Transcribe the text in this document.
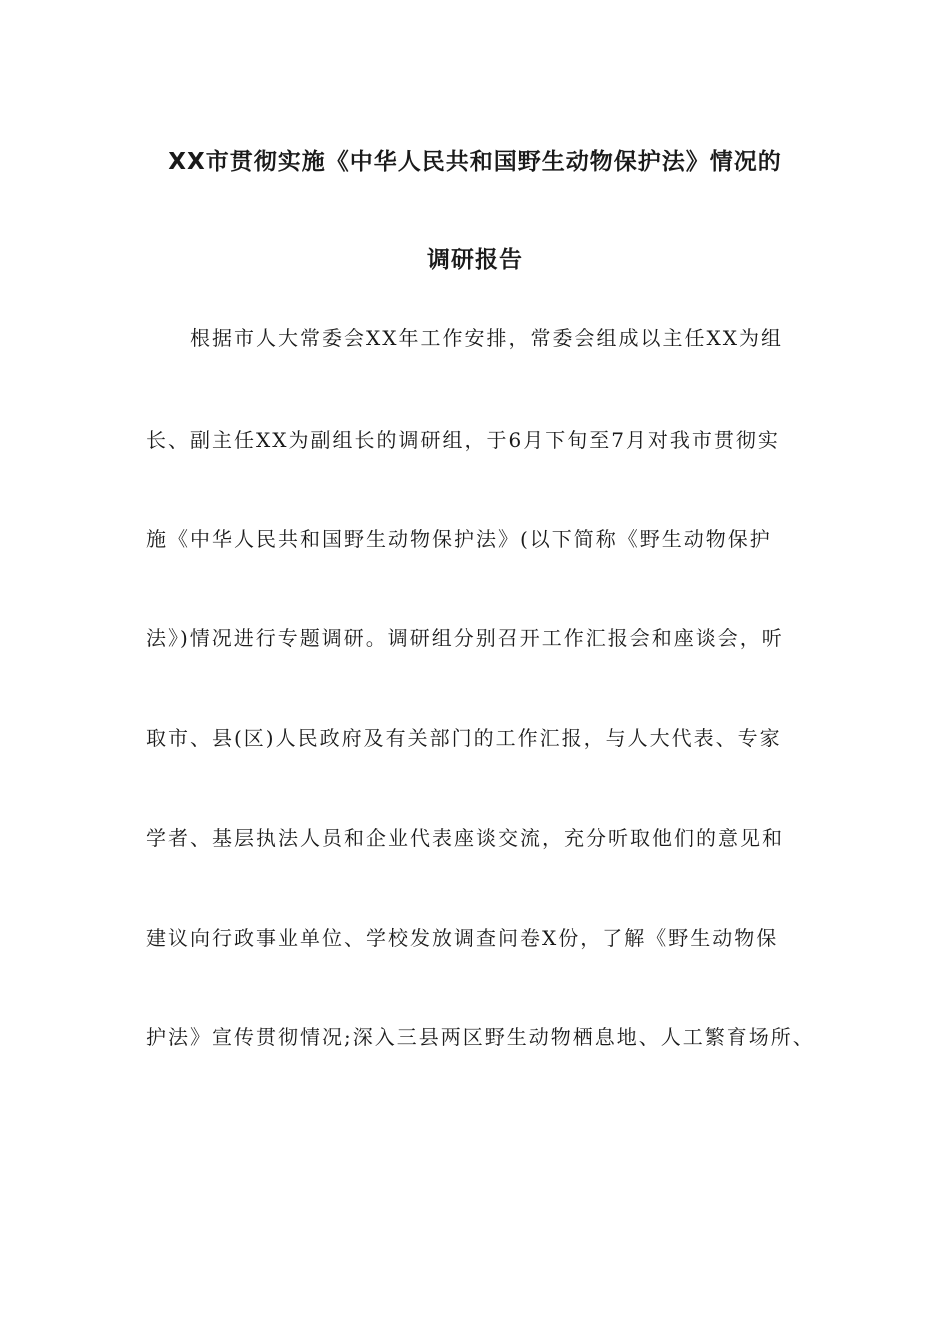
XX市贯彻实施《中华人民共和国野生动物保护法》情况的
调研报告
根据市人大常委会XX年工作安排，常委会组成以主任XX为组
长、副主任XX为副组长的调研组，于6月下旬至7月对我市贯彻实
施《中华人民共和国野生动物保护法》(以下简称《野生动物保护
法》)情况进行专题调研。调研组分别召开工作汇报会和座谈会，听
取市、县(区)人民政府及有关部门的工作汇报，与人大代表、专家
学者、基层执法人员和企业代表座谈交流，充分听取他们的意见和
建议向行政事业单位、学校发放调查问卷X份，了解《野生动物保
护法》宣传贯彻情况;深入三县两区野生动物栖息地、人工繁育场所、
